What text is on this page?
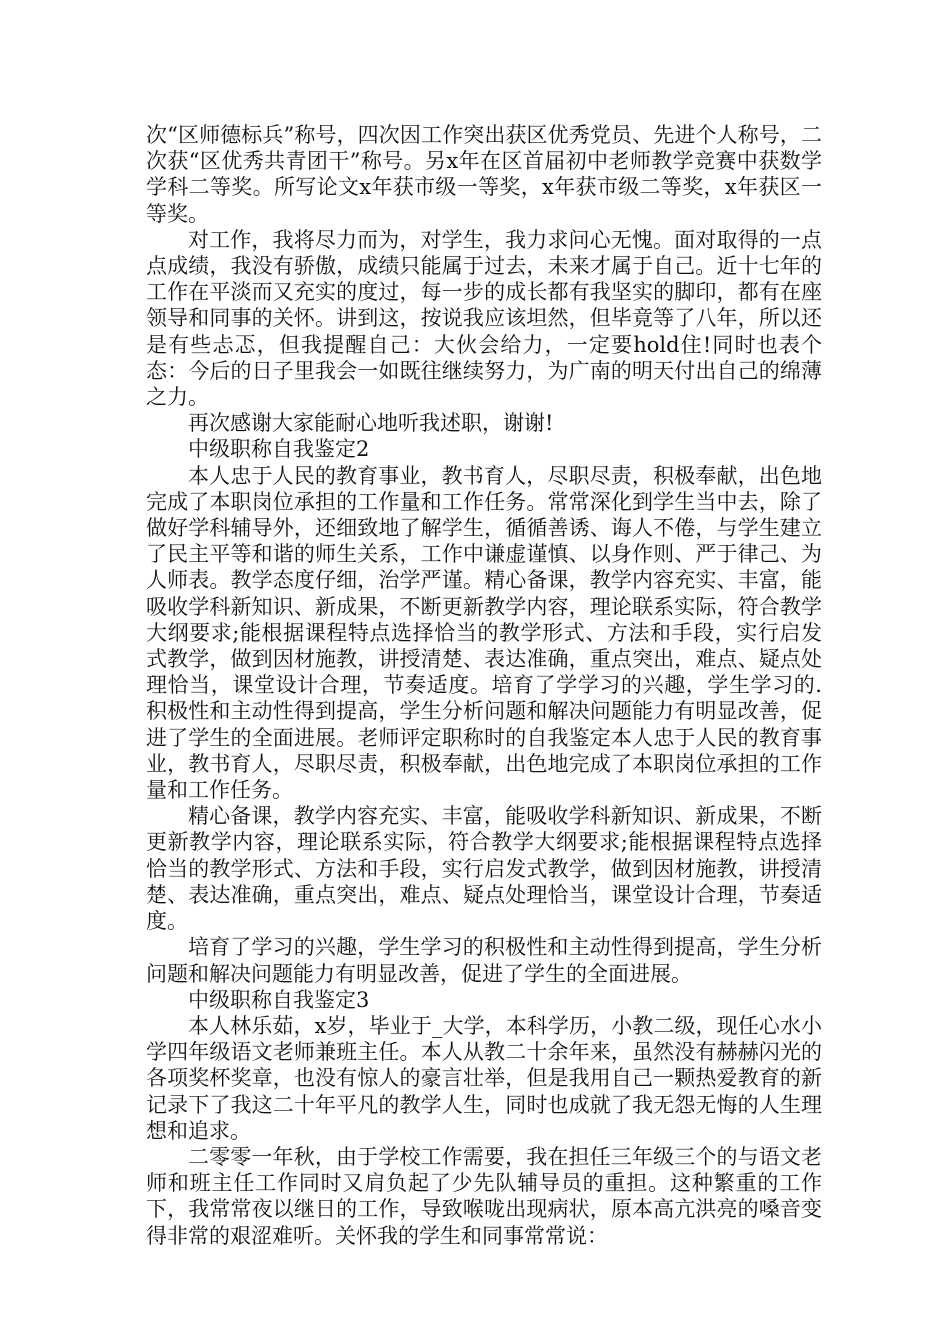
次“区师德标兵”称号，四次因工作突出获区优秀党员、先进个人称号，二次获“区优秀共青团干”称号。另x年在区首届初中老师教学竞赛中获数学学科二等奖。所写论文x年获市级一等奖，x年获市级二等奖，x年获区一等奖。

对工作，我将尽力而为，对学生，我力求问心无愧。面对取得的一点点成绩，我没有骄傲，成绩只能属于过去，未来才属于自己。近十七年的工作在平淡而又充实的度过，每一步的成长都有我坚实的脚印，都有在座领导和同事的关怀。讲到这，按说我应该坦然，但毕竟等了八年，所以还是有些忐忑，但我提醒自己：大伙会给力，一定要hold住!同时也表个态：今后的日子里我会一如既往继续努力，为广南的明天付出自己的绵薄之力。

再次感谢大家能耐心地听我述职，谢谢!

中级职称自我鉴定2

本人忠于人民的教育事业，教书育人，尽职尽责，积极奉献，出色地完成了本职岗位承担的工作量和工作任务。常常深化到学生当中去，除了做好学科辅导外，还细致地了解学生，循循善诱、诲人不倦，与学生建立了民主平等和谐的师生关系，工作中谦虚谨慎、以身作则、严于律己、为人师表。教学态度仔细，治学严谨。精心备课，教学内容充实、丰富，能吸收学科新知识、新成果，不断更新教学内容，理论联系实际，符合教学大纲要求;能根据课程特点选择恰当的教学形式、方法和手段，实行启发式教学，做到因材施教，讲授清楚、表达准确，重点突出，难点、疑点处理恰当，课堂设计合理，节奏适度。培育了学学习的兴趣，学生学习的.积极性和主动性得到提高，学生分析问题和解决问题能力有明显改善，促进了学生的全面进展。老师评定职称时的自我鉴定本人忠于人民的教育事业，教书育人，尽职尽责，积极奉献，出色地完成了本职岗位承担的工作量和工作任务。

精心备课，教学内容充实、丰富，能吸收学科新知识、新成果，不断更新教学内容，理论联系实际，符合教学大纲要求;能根据课程特点选择恰当的教学形式、方法和手段，实行启发式教学，做到因材施教，讲授清楚、表达准确，重点突出，难点、疑点处理恰当，课堂设计合理，节奏适度。

培育了学习的兴趣，学生学习的积极性和主动性得到提高，学生分析问题和解决问题能力有明显改善，促进了学生的全面进展。

中级职称自我鉴定3

本人林乐茹，x岁，毕业于_大学，本科学历，小教二级，现任心水小学四年级语文老师兼班主任。本人从教二十余年来，虽然没有赫赫闪光的各项奖杯奖章，也没有惊人的豪言壮举，但是我用自己一颗热爱教育的新记录下了我这二十年平凡的教学人生，同时也成就了我无怨无悔的人生理想和追求。

二零零一年秋，由于学校工作需要，我在担任三年级三个的与语文老师和班主任工作同时又肩负起了少先队辅导员的重担。这种繁重的工作下，我常常夜以继日的工作，导致喉咙出现病状，原本高亢洪亮的嗓音变得非常的艰涩难听。关怀我的学生和同事常常说：
